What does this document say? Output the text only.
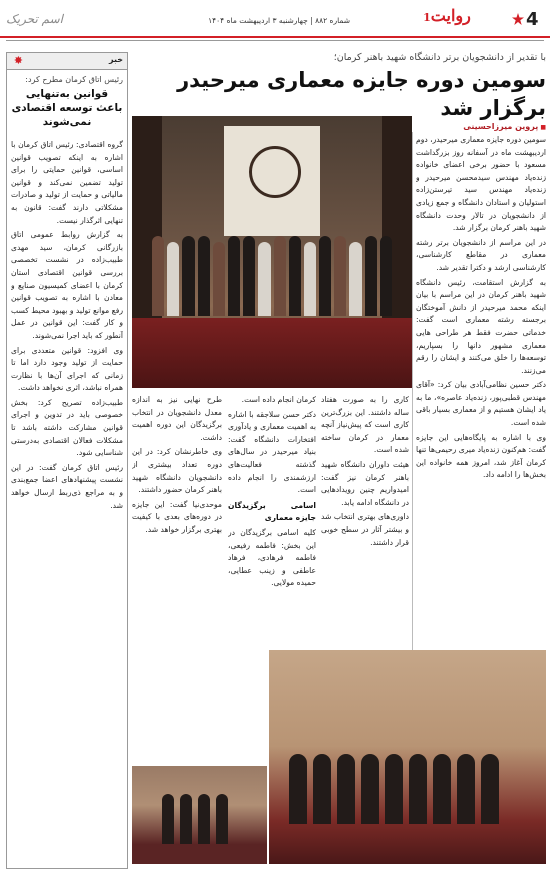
اسم تحریک	شماره ۸۸۲ | چهارشنبه ۳ اردیبهشت ماه ۱۴۰۴	روایت1	4
با تقدیر از دانشجویان برتر دانشگاه شهید باهنر کرمان؛
سومین دوره جایزه معماری میرحیدر برگزار شد
■ پروین میرزاحسینی

سومین دوره جایزه معماری میرحیدر، دوم اردیبهشت ماه در آسفانه روز بزرگداشت مسعود با حضور برخی اعضای خانواده زنده‌یاد مهندس سیدمحسن میرحیدر و زنده‌یاد مهندس سید تیرستن‌زاده استولیان و استادان دانشگاه و جمع زیادی از دانشجویان در تالار وحدت دانشگاه شهید باهنر کرمان برگزار شد.

در این مراسم از دانشجویان برتر رشته معماری در مقاطع کارشناسی، کارشناسی ارشد و دکترا تقدیر شد.

به گزارش استقامت، رئیس دانشگاه شهید باهنر کرمان در این مراسم با بیان اینکه محمد میرحیدر از دانش آموختگان برجسته رشته معماری است گفت: خدماتی حضرت فقط هر طراحی هایی معماری مشهور دانها را بسپاریم، توسعه‌ها را خلق می‌کنند و ایشان را رقم می‌زنند.

دکتر حسین نظامی‌آبادی بیان کرد: «آقای مهندس قطبی‌پور، زنده‌یاد عاصره»، ما به یاد ایشان هستیم و از معماری بسیار باقی شده است.

وی با اشاره به پایگاه‌هایی این جایزه گفت: هم‌کنون زنده‌یاد میری رحیمی‌ها تنها کرمان آغاز شد، امروز همه خانواده این بخش‌ها را ادامه داد.

طرح نهایی نیز به اندازه معدل دانشجویان در انتخاب برگزیدگان این دوره اهمیت داشت.

وی خاطرنشان کرد: در این دوره تعداد بیشتری از دانشجویان دانشگاه شهید باهنر کرمان حضور داشتند.

موحدی‌نیا گفت: این جایزه در دوره‌های بعدی با کیفیت بهتری برگزار خواهد شد.

کرمان انجام داده است.

دکتر حسن سلاجقه با اشاره به اهمیت معماری و یادآوری افتخارات دانشگاه گفت: بنیاد میرحیدر در سال‌های گذشته فعالیت‌های ارزشمندی را انجام داده است.

اسامی برگزیدگان جایزه معماری

کلیه اسامی برگزیدگان در این بخش: فاطمه رفیعی، فاطمه فرهادی، فرهاد عاطفی و زینب عطایی، حمیده مولایی.

کاری را به صورت هفتاد ساله داشتند. این بزرگ‌ترین کاری است که پیش‌نیاز آنچه معمار در کرمان ساخته شده است.

هیئت داوران دانشگاه شهید باهنر کرمان نیز گفت: امیدواریم چنین رویدادهایی در دانشگاه ادامه یابد.

داوری‌های بهتری انتخاب شد و بیشتر آثار در سطح خوبی قرار داشتند.

خبر
✸
رئیس اتاق کرمان مطرح کرد:
قوانین به‌تنهایی باعث توسعه اقتصادی نمی‌شوند

گروه اقتصادی: رئیس اتاق کرمان با اشاره به اینکه تصویب قوانین اساسی، قوانین حمایتی را برای تولید تضمین نمی‌کند و قوانین مالیاتی و حمایت از تولید و صادرات مشکلاتی دارند گفت: قانون به تنهایی اثرگذار نیست.

به گزارش روابط عمومی اتاق بازرگانی کرمان، سید مهدی طبیب‌زاده در نشست تخصصی بررسی قوانین اقتصادی استان کرمان با اعضای کمیسیون صنایع و معادن با اشاره به تصویب قوانین رفع موانع تولید و بهبود محیط کسب و کار گفت: این قوانین در عمل آنطور که باید اجرا نمی‌شوند.

وی افزود: قوانین متعددی برای حمایت از تولید وجود دارد اما تا زمانی که اجرای آن‌ها با نظارت همراه نباشد، اثری نخواهد داشت.

طبیب‌زاده تصریح کرد: بخش خصوصی باید در تدوین و اجرای قوانین مشارکت داشته باشد تا مشکلات فعالان اقتصادی به‌درستی شناسایی شود.

رئیس اتاق کرمان گفت: در این نشست پیشنهادهای اعضا جمع‌بندی و به مراجع ذی‌ربط ارسال خواهد شد.
